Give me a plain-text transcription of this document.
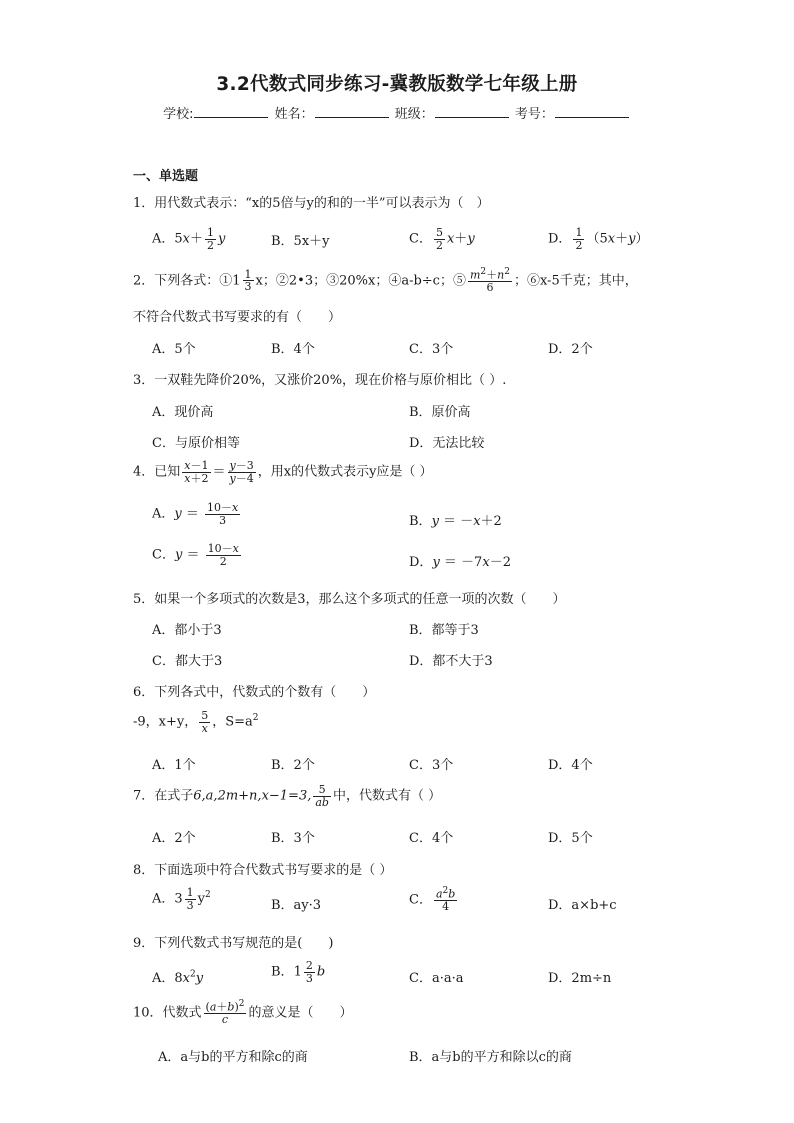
3.2代数式同步练习-冀教版数学七年级上册
学校:	姓名：	班级：	考号：
一、单选题
1．用代数式表示：“x的5倍与y的和的一半”可以表示为（　）
A．$5x+ \frac{1}{2}$ y	B．5x＋y	C． $\frac{5}{2} x+y$	D． $\frac{1}{2} (5x+y)$
2．下列各式：①1 $\frac{1}{3}$ x；②2•3；③20%x；④a-b÷c；⑤ $\frac{m^2+n^2}{6}$ ；⑥x-5千克；其中，
不符合代数式书写要求的有（　　）
A．5个	B．4个	C．3个	D．2个
3．一双鞋先降价20%，又涨价20%，现在价格与原价相比（ ）.
A．现价高	B．原价高
C．与原价相等	D．无法比较
4．已知 $\frac{x-1}{x+2} = \frac{y-3}{y-4}$ ，用x的代数式表示y应是（ ）
A．$y = \frac{10-x}{3}$	B．y ＝ －x＋2
C．$y = \frac{10-x}{2}$	D．y ＝ －7x－2
5．如果一个多项式的次数是3，那么这个多项式的任意一项的次数（　　）
A．都小于3	B．都等于3
C．都大于3	D．都不大于3
6．下列各式中，代数式的个数有（　　）
-9，x+y， $\frac{5}{x}$ ，$S=a^2$
A．1个	B．2个	C．3个	D．4个
7．在式子6,a,2m+n,x−1=3, $\frac{5}{ab}$ 中，代数式有（ ）
A．2个	B．3个	C．4个	D．5个
8．下面选项中符合代数式书写要求的是（ ）
A．$3 \frac{1}{3} y^2$
B．ay·3	C． $\frac{a^2b}{4}$	D．a×b+c
9．下列代数式书写规范的是(　　)
A．$8x^2y$	B．$1 \frac{2}{3}$ b	C．a·a·a	D．2m÷n
10．代数式 $\frac{(a+b)^2}{c}$ 的意义是（　　）
A．a与b的平方和除c的商	B．a与b的平方和除以c的商
